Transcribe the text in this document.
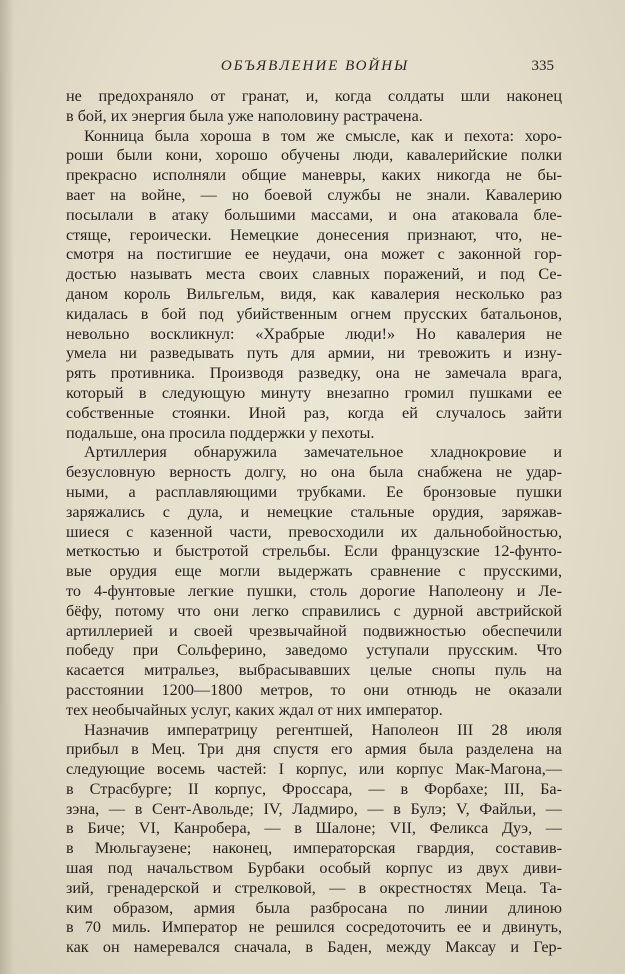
ОБЪЯВЛЕНИЕ ВОЙНЫ	335
не предохраняло от гранат, и, когда солдаты шли наконец
в бой, их энергия была уже наполовину растрачена.
Конница была хороша в том же смысле, как и пехота: хоро-
роши были кони, хорошо обучены люди, кавалерийские полки
прекрасно исполняли общие маневры, каких никогда не бы-
вает на войне, — но боевой службы не знали. Кавалерию
посылали в атаку большими массами, и она атаковала бле-
стяще, героически. Немецкие донесения признают, что, не-
смотря на постигшие ее неудачи, она может с законной гор-
достью называть места своих славных поражений, и под Се-
даном король Вильгельм, видя, как кавалерия несколько раз
кидалась в бой под убийственным огнем прусских батальонов,
невольно воскликнул: «Храбрые люди!» Но кавалерия не
умела ни разведывать путь для армии, ни тревожить и изну-
рять противника. Производя разведку, она не замечала врага,
который в следующую минуту внезапно громил пушками ее
собственные стоянки. Иной раз, когда ей случалось зайти
подальше, она просила поддержки у пехоты.
Артиллерия обнаружила замечательное хладнокровие и
безусловную верность долгу, но она была снабжена не удар-
ными, а расплавляющими трубками. Ее бронзовые пушки
заряжались с дула, и немецкие стальные орудия, заряжав-
шиеся с казенной части, превосходили их дальнобойностью,
меткостью и быстротой стрельбы. Если французские 12-фунто-
вые орудия еще могли выдержать сравнение с прусскими,
то 4-фунтовые легкие пушки, столь дорогие Наполеону и Ле-
бёфу, потому что они легко справились с дурной австрийской
артиллерией и своей чрезвычайной подвижностью обеспечили
победу при Сольферино, заведомо уступали прусским. Что
касается митральез, выбрасывавших целые снопы пуль на
расстоянии 1200—1800 метров, то они отнюдь не оказали
тех необычайных услуг, каких ждал от них император.
Назначив императрицу регентшей, Наполеон III 28 июля
прибыл в Мец. Три дня спустя его армия была разделена на
следующие восемь частей: I корпус, или корпус Мак-Магона,—
в Страсбурге; II корпус, Фроссара, — в Форбахе; III, Ба-
зэна, — в Сент-Авольде; IV, Ладмиро, — в Булэ; V, Файльи, —
в Биче; VI, Канробера, — в Шалоне; VII, Феликса Дуэ, —
в Мюльгаузене; наконец, императорская гвардия, составив-
шая под начальством Бурбаки особый корпус из двух диви-
зий, гренадерской и стрелковой, — в окрестностях Меца. Та-
ким образом, армия была разбросана по линии длиною
в 70 миль. Император не решился сосредоточить ее и двинуть,
как он намеревался сначала, в Баден, между Максау и Гер-
